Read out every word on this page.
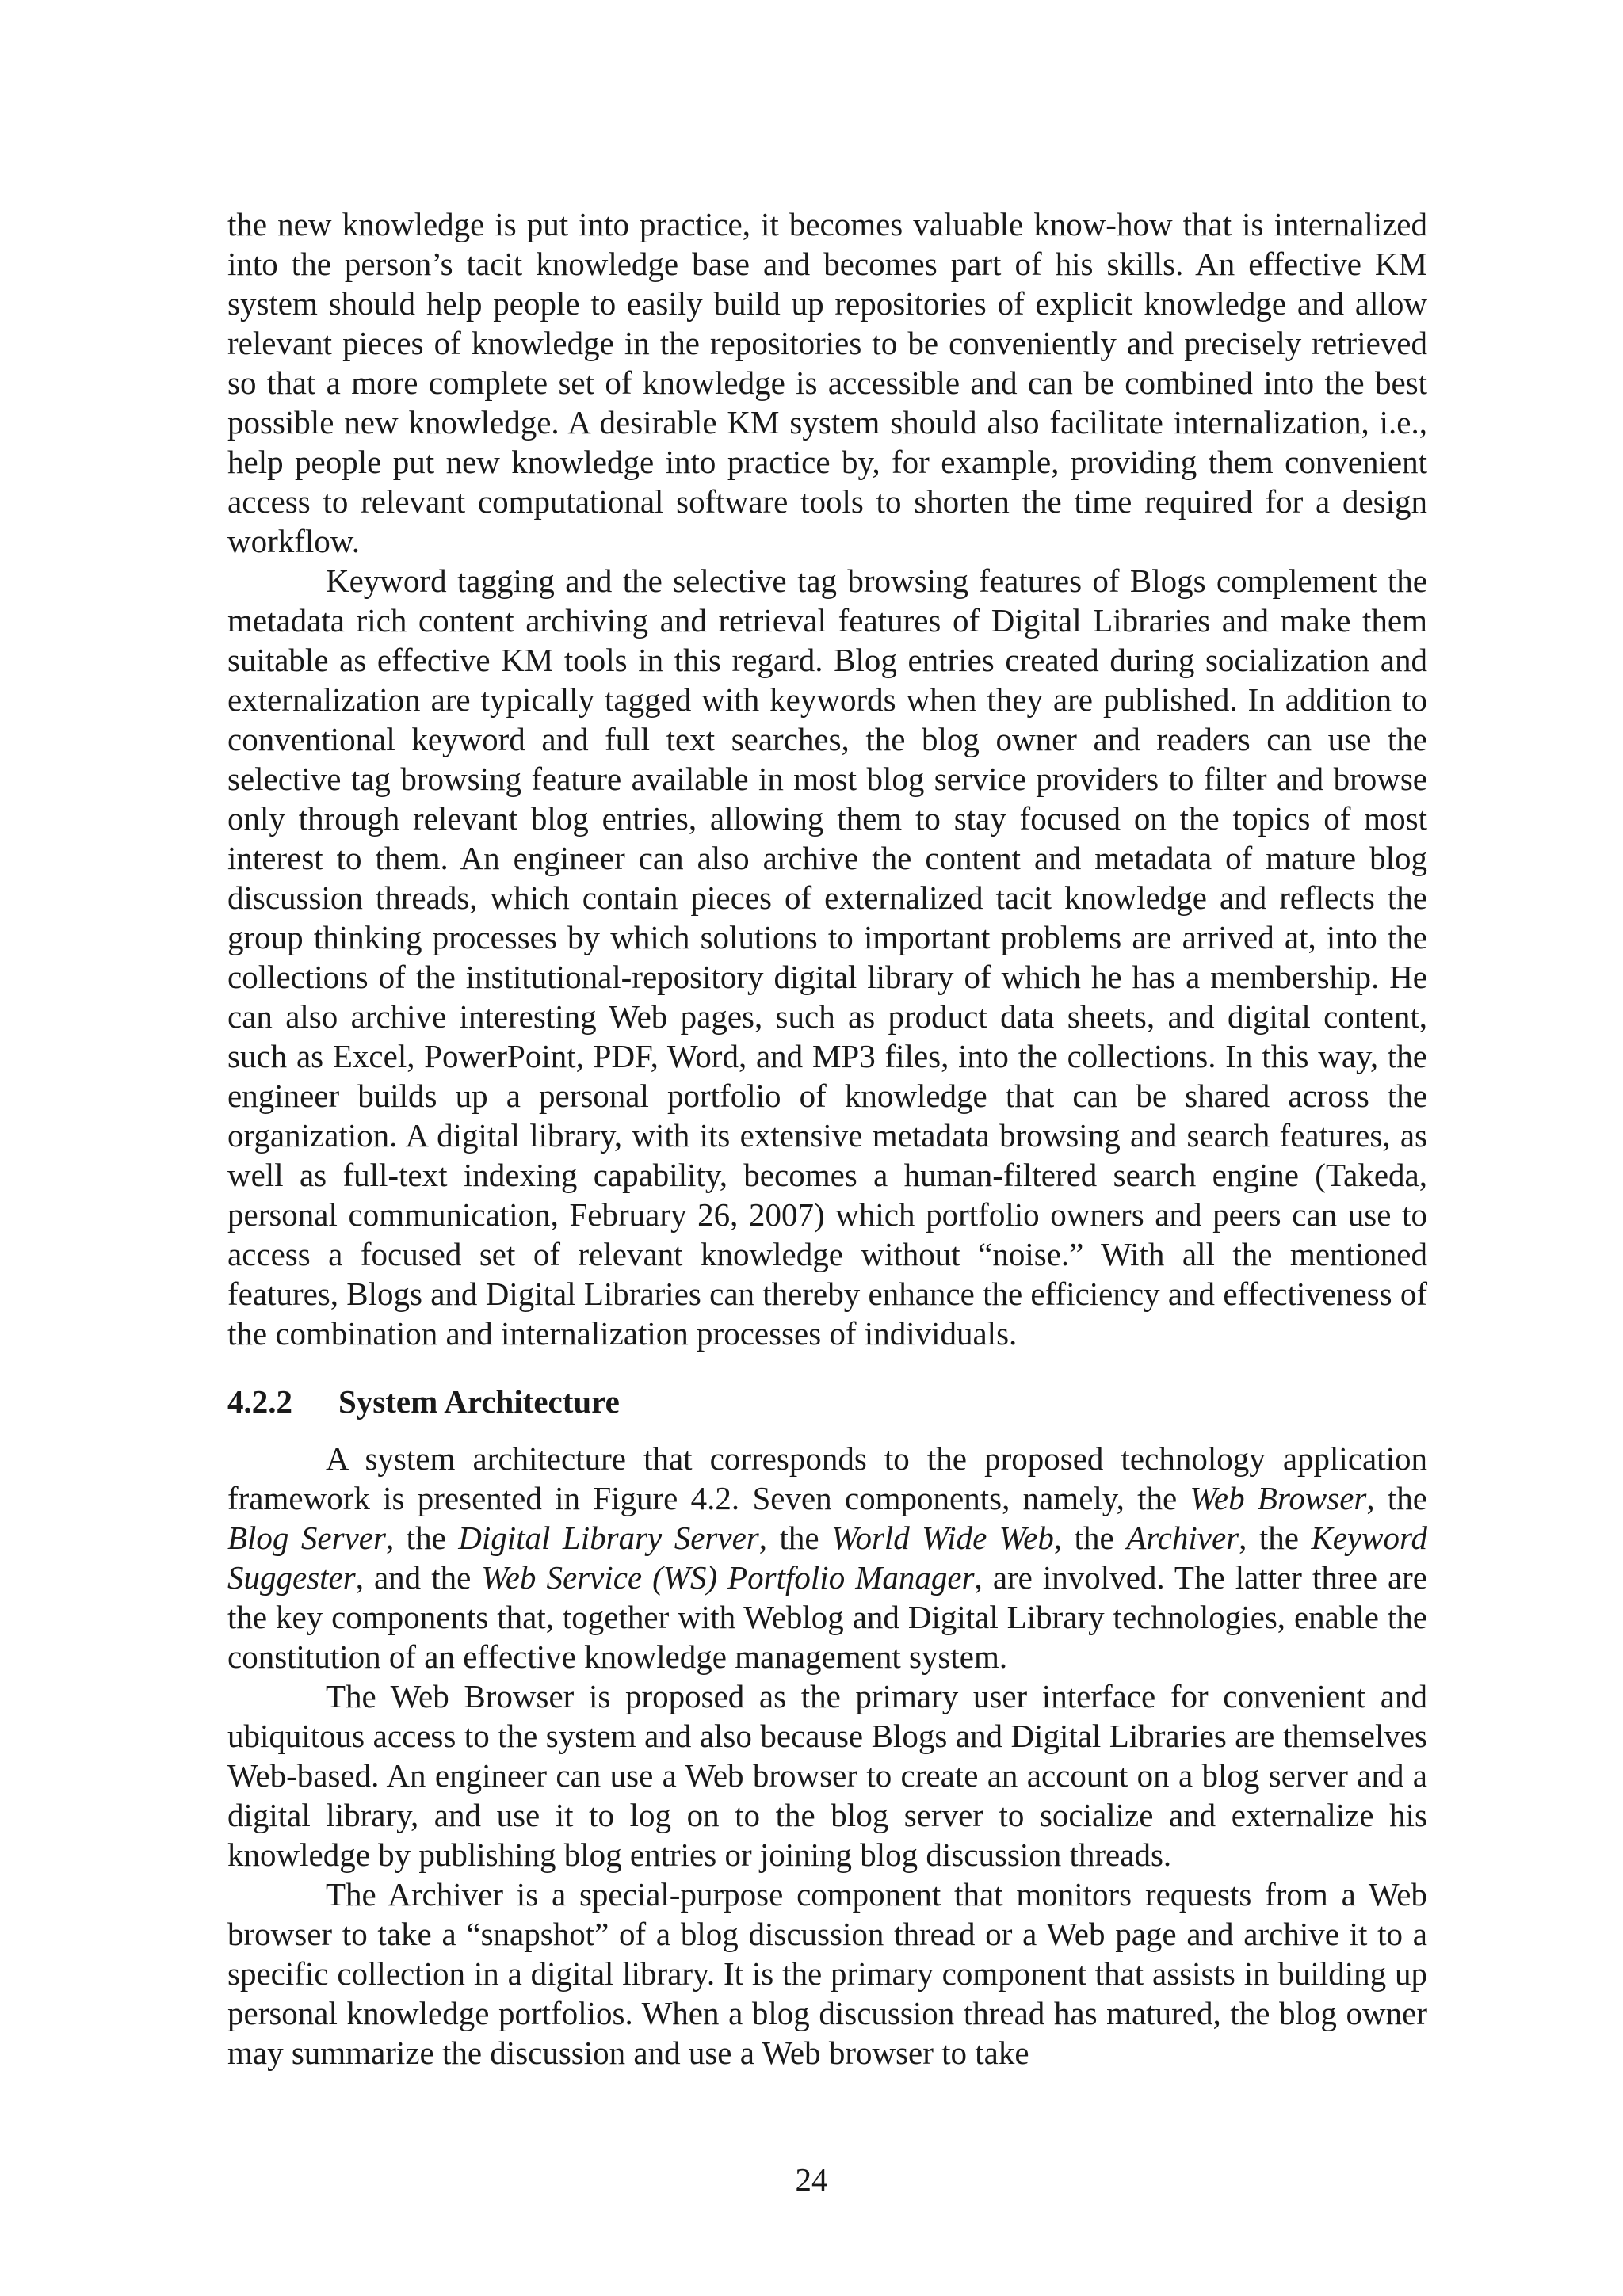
the new knowledge is put into practice, it becomes valuable know-how that is internalized into the person’s tacit knowledge base and becomes part of his skills. An effective KM system should help people to easily build up repositories of explicit knowledge and allow relevant pieces of knowledge in the repositories to be conveniently and precisely retrieved so that a more complete set of knowledge is accessible and can be combined into the best possible new knowledge. A desirable KM system should also facilitate internalization, i.e., help people put new knowledge into practice by, for example, providing them convenient access to relevant computational software tools to shorten the time required for a design workflow.

Keyword tagging and the selective tag browsing features of Blogs complement the metadata rich content archiving and retrieval features of Digital Libraries and make them suitable as effective KM tools in this regard. Blog entries created during socialization and externalization are typically tagged with keywords when they are published. In addition to conventional keyword and full text searches, the blog owner and readers can use the selective tag browsing feature available in most blog service providers to filter and browse only through relevant blog entries, allowing them to stay focused on the topics of most interest to them. An engineer can also archive the content and metadata of mature blog discussion threads, which contain pieces of externalized tacit knowledge and reflects the group thinking processes by which solutions to important problems are arrived at, into the collections of the institutional-repository digital library of which he has a membership. He can also archive interesting Web pages, such as product data sheets, and digital content, such as Excel, PowerPoint, PDF, Word, and MP3 files, into the collections. In this way, the engineer builds up a personal portfolio of knowledge that can be shared across the organization. A digital library, with its extensive metadata browsing and search features, as well as full-text indexing capability, becomes a human-filtered search engine (Takeda, personal communication, February 26, 2007) which portfolio owners and peers can use to access a focused set of relevant knowledge without “noise.” With all the mentioned features, Blogs and Digital Libraries can thereby enhance the efficiency and effectiveness of the combination and internalization processes of individuals.

4.2.2 System Architecture

A system architecture that corresponds to the proposed technology application framework is presented in Figure 4.2. Seven components, namely, the Web Browser, the Blog Server, the Digital Library Server, the World Wide Web, the Archiver, the Keyword Suggester, and the Web Service (WS) Portfolio Manager, are involved. The latter three are the key components that, together with Weblog and Digital Library technologies, enable the constitution of an effective knowledge management system.

The Web Browser is proposed as the primary user interface for convenient and ubiquitous access to the system and also because Blogs and Digital Libraries are themselves Web-based. An engineer can use a Web browser to create an account on a blog server and a digital library, and use it to log on to the blog server to socialize and externalize his knowledge by publishing blog entries or joining blog discussion threads.

The Archiver is a special-purpose component that monitors requests from a Web browser to take a “snapshot” of a blog discussion thread or a Web page and archive it to a specific collection in a digital library. It is the primary component that assists in building up personal knowledge portfolios. When a blog discussion thread has matured, the blog owner may summarize the discussion and use a Web browser to take

24
